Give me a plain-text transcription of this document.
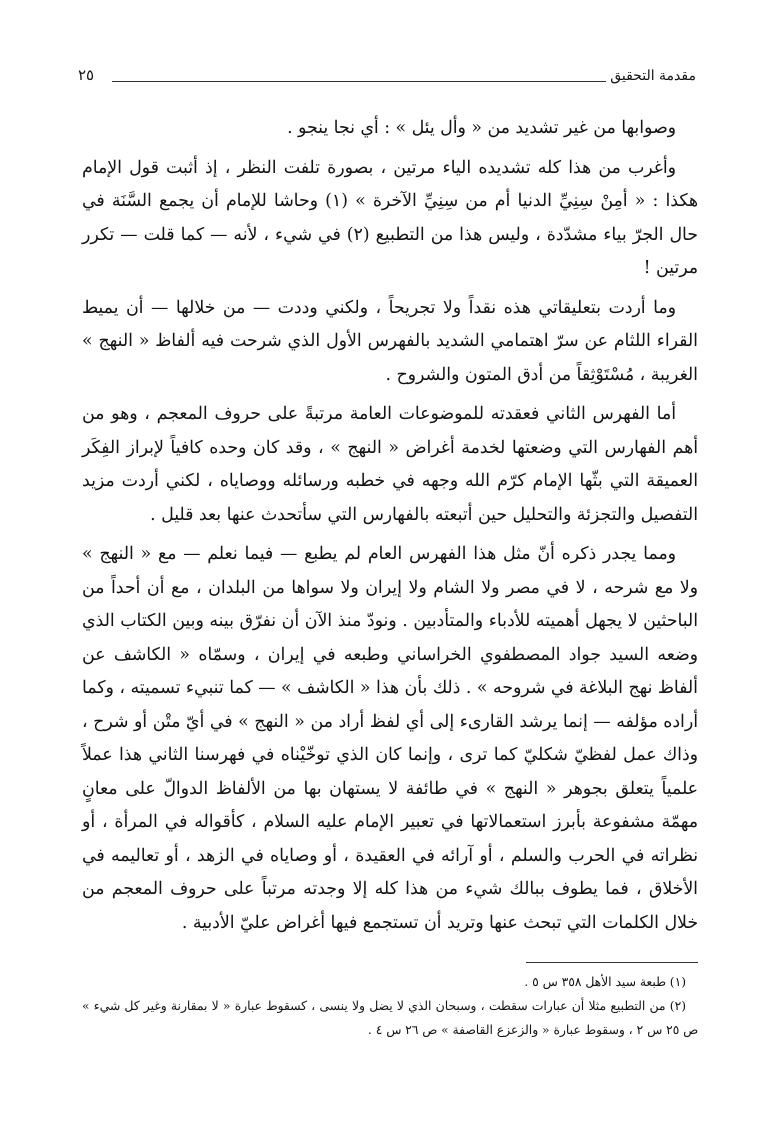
مقدمة التحقيق
٢٥

وصوابها من غير تشديد من « وأل يئل » : أي نجا ينجو .

وأغرب من هذا كله تشديده الياء مرتين ، بصورة تلفت النظر ، إذ أثبت قول الإمام هكذا : « أمِنْ سِنِيِّ الدنيا أم من سِنِيِّ الآخرة » (١) وحاشا للإمام أن يجمع السَّنَة في حال الجرّ بياء مشدّدة ، وليس هذا من التطبيع (٢) في شيء ، لأنه — كما قلت — تكرر مرتين !

وما أردت بتعليقاتي هذه نقداً ولا تجريحاً ، ولكني وددت — من خلالها — أن يميط القراء اللثام عن سرّ اهتمامي الشديد بالفهرس الأول الذي شرحت فيه ألفاظ « النهج » الغريبة ، مُسْتَوْثِقاً من أدق المتون والشروح .

أما الفهرس الثاني فعقدته للموضوعات العامة مرتبةً على حروف المعجم ، وهو من أهم الفهارس التي وضعتها لخدمة أغراض « النهج » ، وقد كان وحده كافياً لإبراز الفِكَر العميقة التي بثّها الإمام كرّم الله وجهه في خطبه ورسائله ووصاياه ، لكني أردت مزيد التفصيل والتجزئة والتحليل حين أتبعته بالفهارس التي سأتحدث عنها بعد قليل .

ومما يجدر ذكره أنّ مثل هذا الفهرس العام لم يطبع — فيما نعلم — مع « النهج » ولا مع شرحه ، لا في مصر ولا الشام ولا إيران ولا سواها من البلدان ، مع أن أحداً من الباحثين لا يجهل أهميته للأدباء والمتأدبين . ونودّ منذ الآن أن نفرّق بينه وبين الكتاب الذي وضعه السيد جواد المصطفوي الخراساني وطبعه في إيران ، وسمّاه « الكاشف عن ألفاظ نهج البلاغة في شروحه » . ذلك بأن هذا « الكاشف » — كما تنبيء تسميته ، وكما أراده مؤلفه — إنما يرشد القارىء إلى أي لفظ أراد من « النهج » في أيّ متْن أو شرح ، وذاك عمل لفظيّ شكليّ كما ترى ، وإنما كان الذي توخّيْناه في فهرسنا الثاني هذا عملاً علمياً يتعلق بجوهر « النهج » في طائفة لا يستهان بها من الألفاظ الدوالّ على معانٍ مهمّة مشفوعة بأبرز استعمالاتها في تعبير الإمام عليه السلام ، كأقواله في المرأة ، أو نظراته في الحرب والسلم ، أو آرائه في العقيدة ، أو وصاياه في الزهد ، أو تعاليمه في الأخلاق ، فما يطوف ببالك شيء من هذا كله إلا وجدته مرتباً على حروف المعجم من خلال الكلمات التي تبحث عنها وتريد أن تستجمع فيها أغراض عليّ الأدبية .

(١) طبعة سيد الأهل ٣٥٨ س ٥ .

(٢) من التطبيع مثلا أن عبارات سقطت ، وسبحان الذي لا يضل ولا ينسى ، كسقوط عبارة « لا بمقارنة وغير كل شيء » ص ٢٥ س ٢ ، وسقوط عبارة « والزعزع القاصفة » ص ٢٦ س ٤ .
